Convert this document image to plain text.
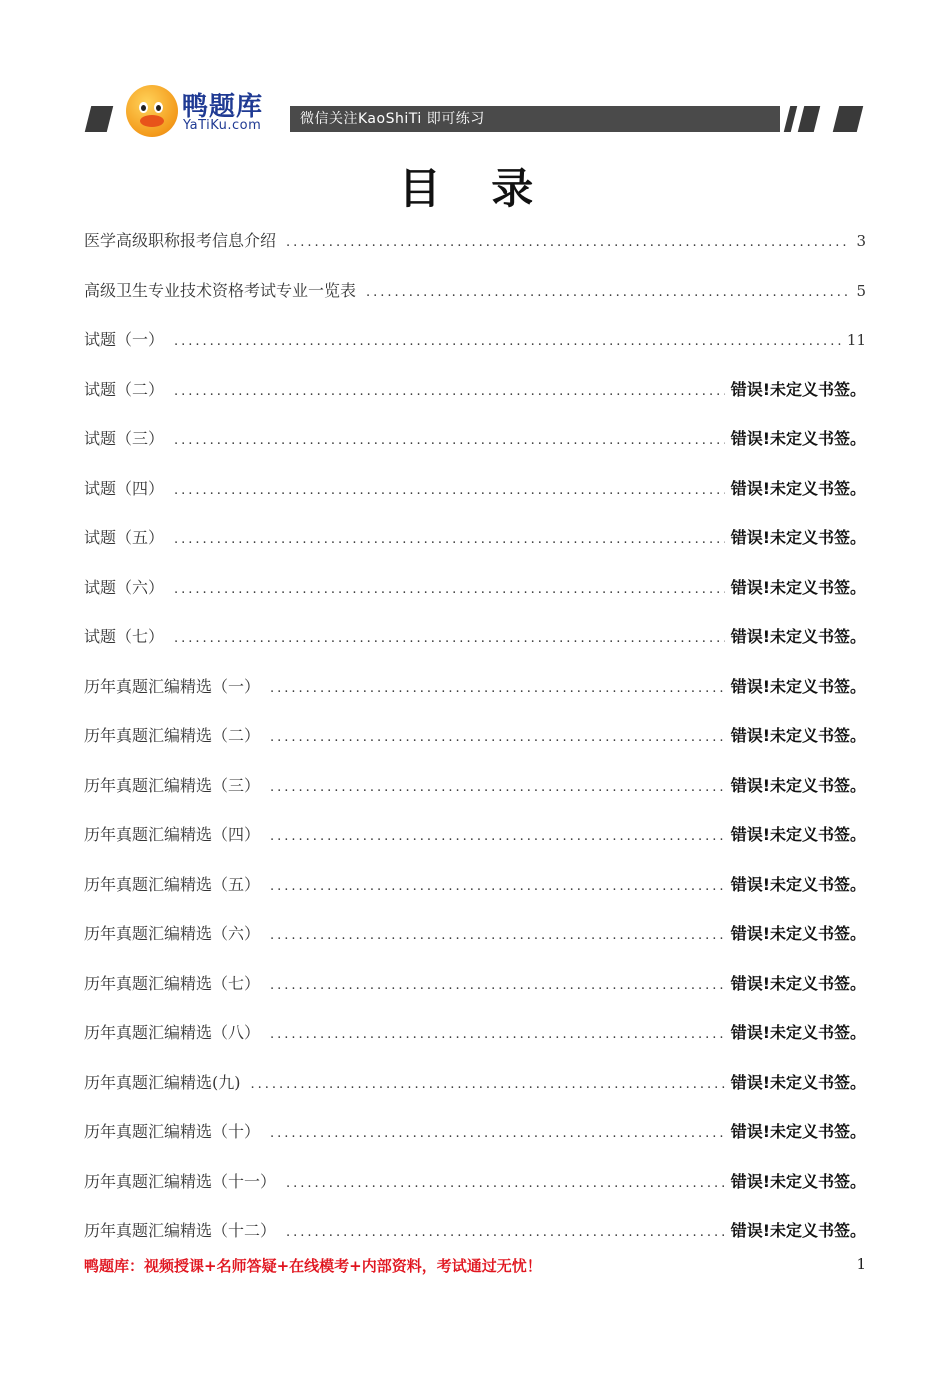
鸭题库
YaTiKu.com	微信关注KaoShiTi 即可练习
目 录
医学高级职称报考信息介绍 .....	3
高级卫生专业技术资格考试专业一览表 .....	5
试题（一） .....	11
试题（二） .....	错误!未定义书签。
试题（三） .....	错误!未定义书签。
试题（四） .....	错误!未定义书签。
试题（五） .....	错误!未定义书签。
试题（六） .....	错误!未定义书签。
试题（七） .....	错误!未定义书签。
历年真题汇编精选（一） .....	错误!未定义书签。
历年真题汇编精选（二） .....	错误!未定义书签。
历年真题汇编精选（三） .....	错误!未定义书签。
历年真题汇编精选（四） .....	错误!未定义书签。
历年真题汇编精选（五） .....	错误!未定义书签。
历年真题汇编精选（六） .....	错误!未定义书签。
历年真题汇编精选（七） .....	错误!未定义书签。
历年真题汇编精选（八） .....	错误!未定义书签。
历年真题汇编精选(九) .....	错误!未定义书签。
历年真题汇编精选（十） .....	错误!未定义书签。
历年真题汇编精选（十一） .....	错误!未定义书签。
历年真题汇编精选（十二） .....	错误!未定义书签。
鸭题库：视频授课+名师答疑+在线模考+内部资料，考试通过无忧！	1
